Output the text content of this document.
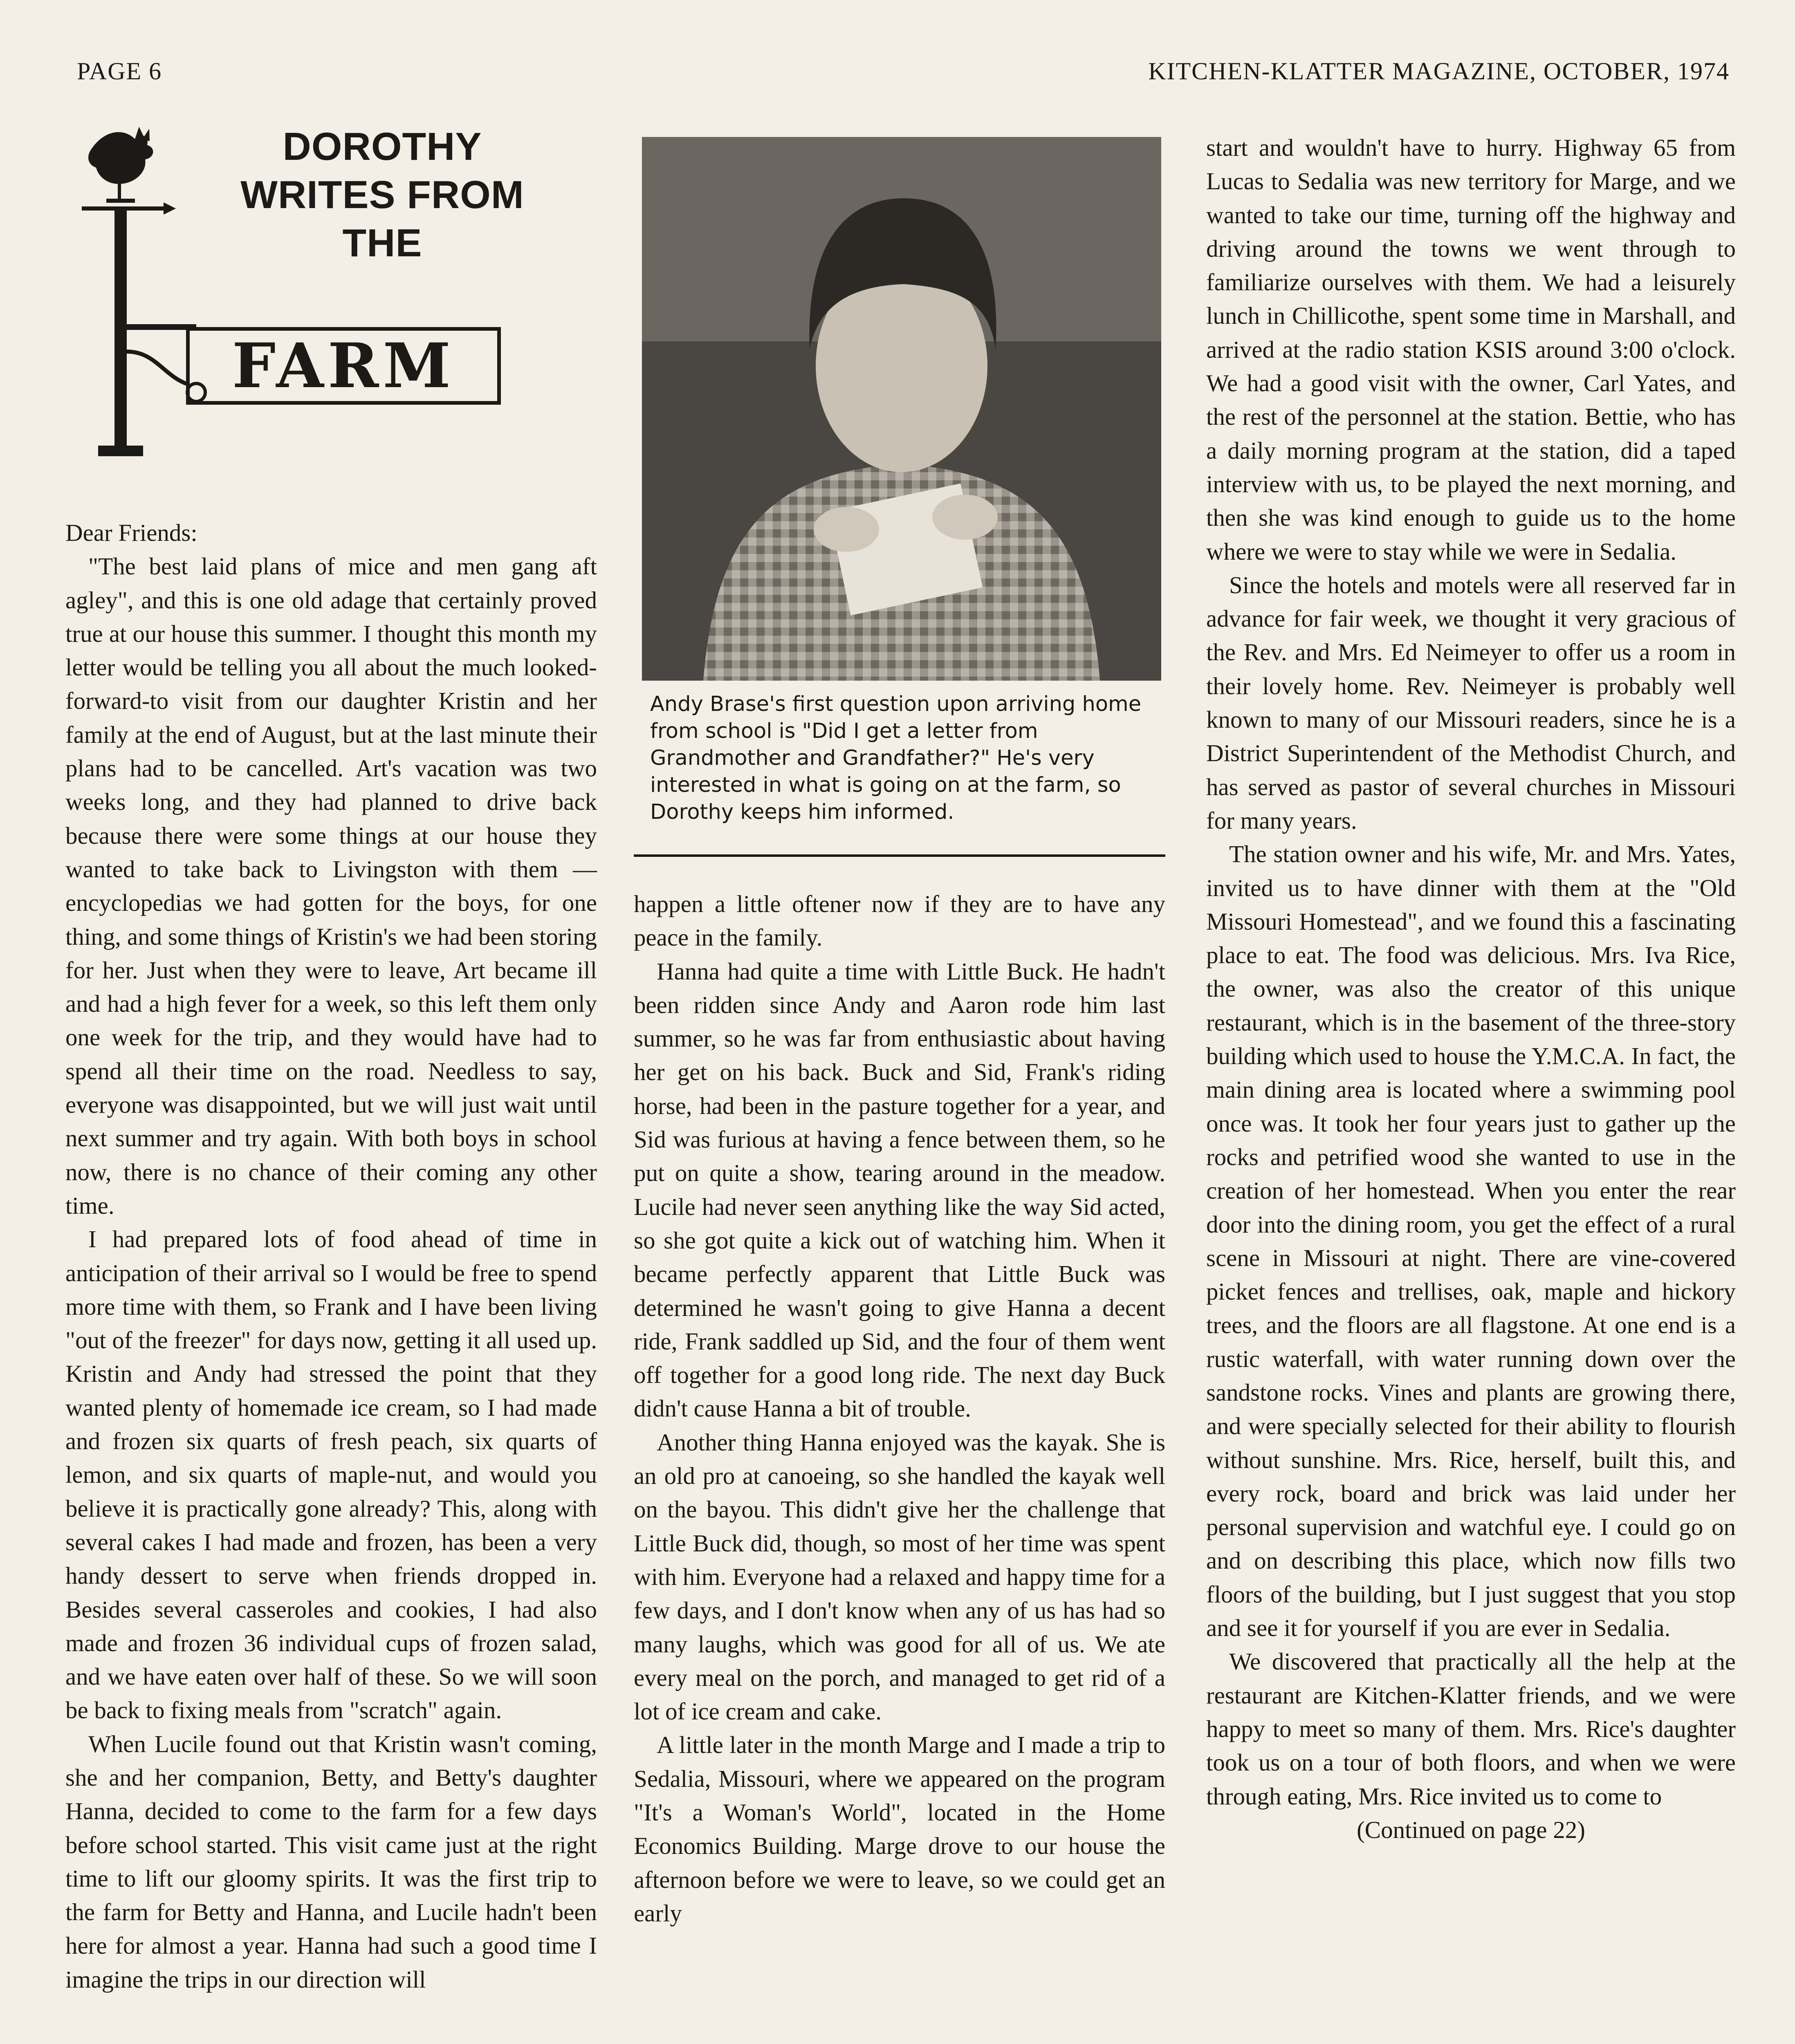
PAGE 6	KITCHEN-KLATTER MAGAZINE, OCTOBER, 1974
DOROTHY
WRITES FROM
THE
FARM
Andy Brase's first question upon arriving home from school is "Did I get a letter from Grandmother and Grandfather?" He's very interested in what is going on at the farm, so Dorothy keeps him informed.

Dear Friends:

"The best laid plans of mice and men gang aft agley", and this is one old adage that certainly proved true at our house this summer. I thought this month my letter would be telling you all about the much looked-forward-to visit from our daughter Kristin and her family at the end of August, but at the last minute their plans had to be cancelled. Art's vacation was two weeks long, and they had planned to drive back because there were some things at our house they wanted to take back to Livingston with them — encyclopedias we had gotten for the boys, for one thing, and some things of Kristin's we had been storing for her. Just when they were to leave, Art became ill and had a high fever for a week, so this left them only one week for the trip, and they would have had to spend all their time on the road. Needless to say, everyone was disappointed, but we will just wait until next summer and try again. With both boys in school now, there is no chance of their coming any other time.

I had prepared lots of food ahead of time in anticipation of their arrival so I would be free to spend more time with them, so Frank and I have been living "out of the freezer" for days now, getting it all used up. Kristin and Andy had stressed the point that they wanted plenty of homemade ice cream, so I had made and frozen six quarts of fresh peach, six quarts of lemon, and six quarts of maple-nut, and would you believe it is practically gone already? This, along with several cakes I had made and frozen, has been a very handy dessert to serve when friends dropped in. Besides several casseroles and cookies, I had also made and frozen 36 individual cups of frozen salad, and we have eaten over half of these. So we will soon be back to fixing meals from "scratch" again.

When Lucile found out that Kristin wasn't coming, she and her companion, Betty, and Betty's daughter Hanna, decided to come to the farm for a few days before school started. This visit came just at the right time to lift our gloomy spirits. It was the first trip to the farm for Betty and Hanna, and Lucile hadn't been here for almost a year. Hanna had such a good time I imagine the trips in our direction will

happen a little oftener now if they are to have any peace in the family.

Hanna had quite a time with Little Buck. He hadn't been ridden since Andy and Aaron rode him last summer, so he was far from enthusiastic about having her get on his back. Buck and Sid, Frank's riding horse, had been in the pasture together for a year, and Sid was furious at having a fence between them, so he put on quite a show, tearing around in the meadow. Lucile had never seen anything like the way Sid acted, so she got quite a kick out of watching him. When it became perfectly apparent that Little Buck was determined he wasn't going to give Hanna a decent ride, Frank saddled up Sid, and the four of them went off together for a good long ride. The next day Buck didn't cause Hanna a bit of trouble.

Another thing Hanna enjoyed was the kayak. She is an old pro at canoeing, so she handled the kayak well on the bayou. This didn't give her the challenge that Little Buck did, though, so most of her time was spent with him. Everyone had a relaxed and happy time for a few days, and I don't know when any of us has had so many laughs, which was good for all of us. We ate every meal on the porch, and managed to get rid of a lot of ice cream and cake.

A little later in the month Marge and I made a trip to Sedalia, Missouri, where we appeared on the program "It's a Woman's World", located in the Home Economics Building. Marge drove to our house the afternoon before we were to leave, so we could get an early

start and wouldn't have to hurry. Highway 65 from Lucas to Sedalia was new territory for Marge, and we wanted to take our time, turning off the highway and driving around the towns we went through to familiarize ourselves with them. We had a leisurely lunch in Chillicothe, spent some time in Marshall, and arrived at the radio station KSIS around 3:00 o'clock. We had a good visit with the owner, Carl Yates, and the rest of the personnel at the station. Bettie, who has a daily morning program at the station, did a taped interview with us, to be played the next morning, and then she was kind enough to guide us to the home where we were to stay while we were in Sedalia.

Since the hotels and motels were all reserved far in advance for fair week, we thought it very gracious of the Rev. and Mrs. Ed Neimeyer to offer us a room in their lovely home. Rev. Neimeyer is probably well known to many of our Missouri readers, since he is a District Superintendent of the Methodist Church, and has served as pastor of several churches in Missouri for many years.

The station owner and his wife, Mr. and Mrs. Yates, invited us to have dinner with them at the "Old Missouri Homestead", and we found this a fascinating place to eat. The food was delicious. Mrs. Iva Rice, the owner, was also the creator of this unique restaurant, which is in the basement of the three-story building which used to house the Y.M.C.A. In fact, the main dining area is located where a swimming pool once was. It took her four years just to gather up the rocks and petrified wood she wanted to use in the creation of her homestead. When you enter the rear door into the dining room, you get the effect of a rural scene in Missouri at night. There are vine-covered picket fences and trellises, oak, maple and hickory trees, and the floors are all flagstone. At one end is a rustic waterfall, with water running down over the sandstone rocks. Vines and plants are growing there, and were specially selected for their ability to flourish without sunshine. Mrs. Rice, herself, built this, and every rock, board and brick was laid under her personal supervision and watchful eye. I could go on and on describing this place, which now fills two floors of the building, but I just suggest that you stop and see it for yourself if you are ever in Sedalia.

We discovered that practically all the help at the restaurant are Kitchen-Klatter friends, and we were happy to meet so many of them. Mrs. Rice's daughter took us on a tour of both floors, and when we were through eating, Mrs. Rice invited us to come to

(Continued on page 22)
